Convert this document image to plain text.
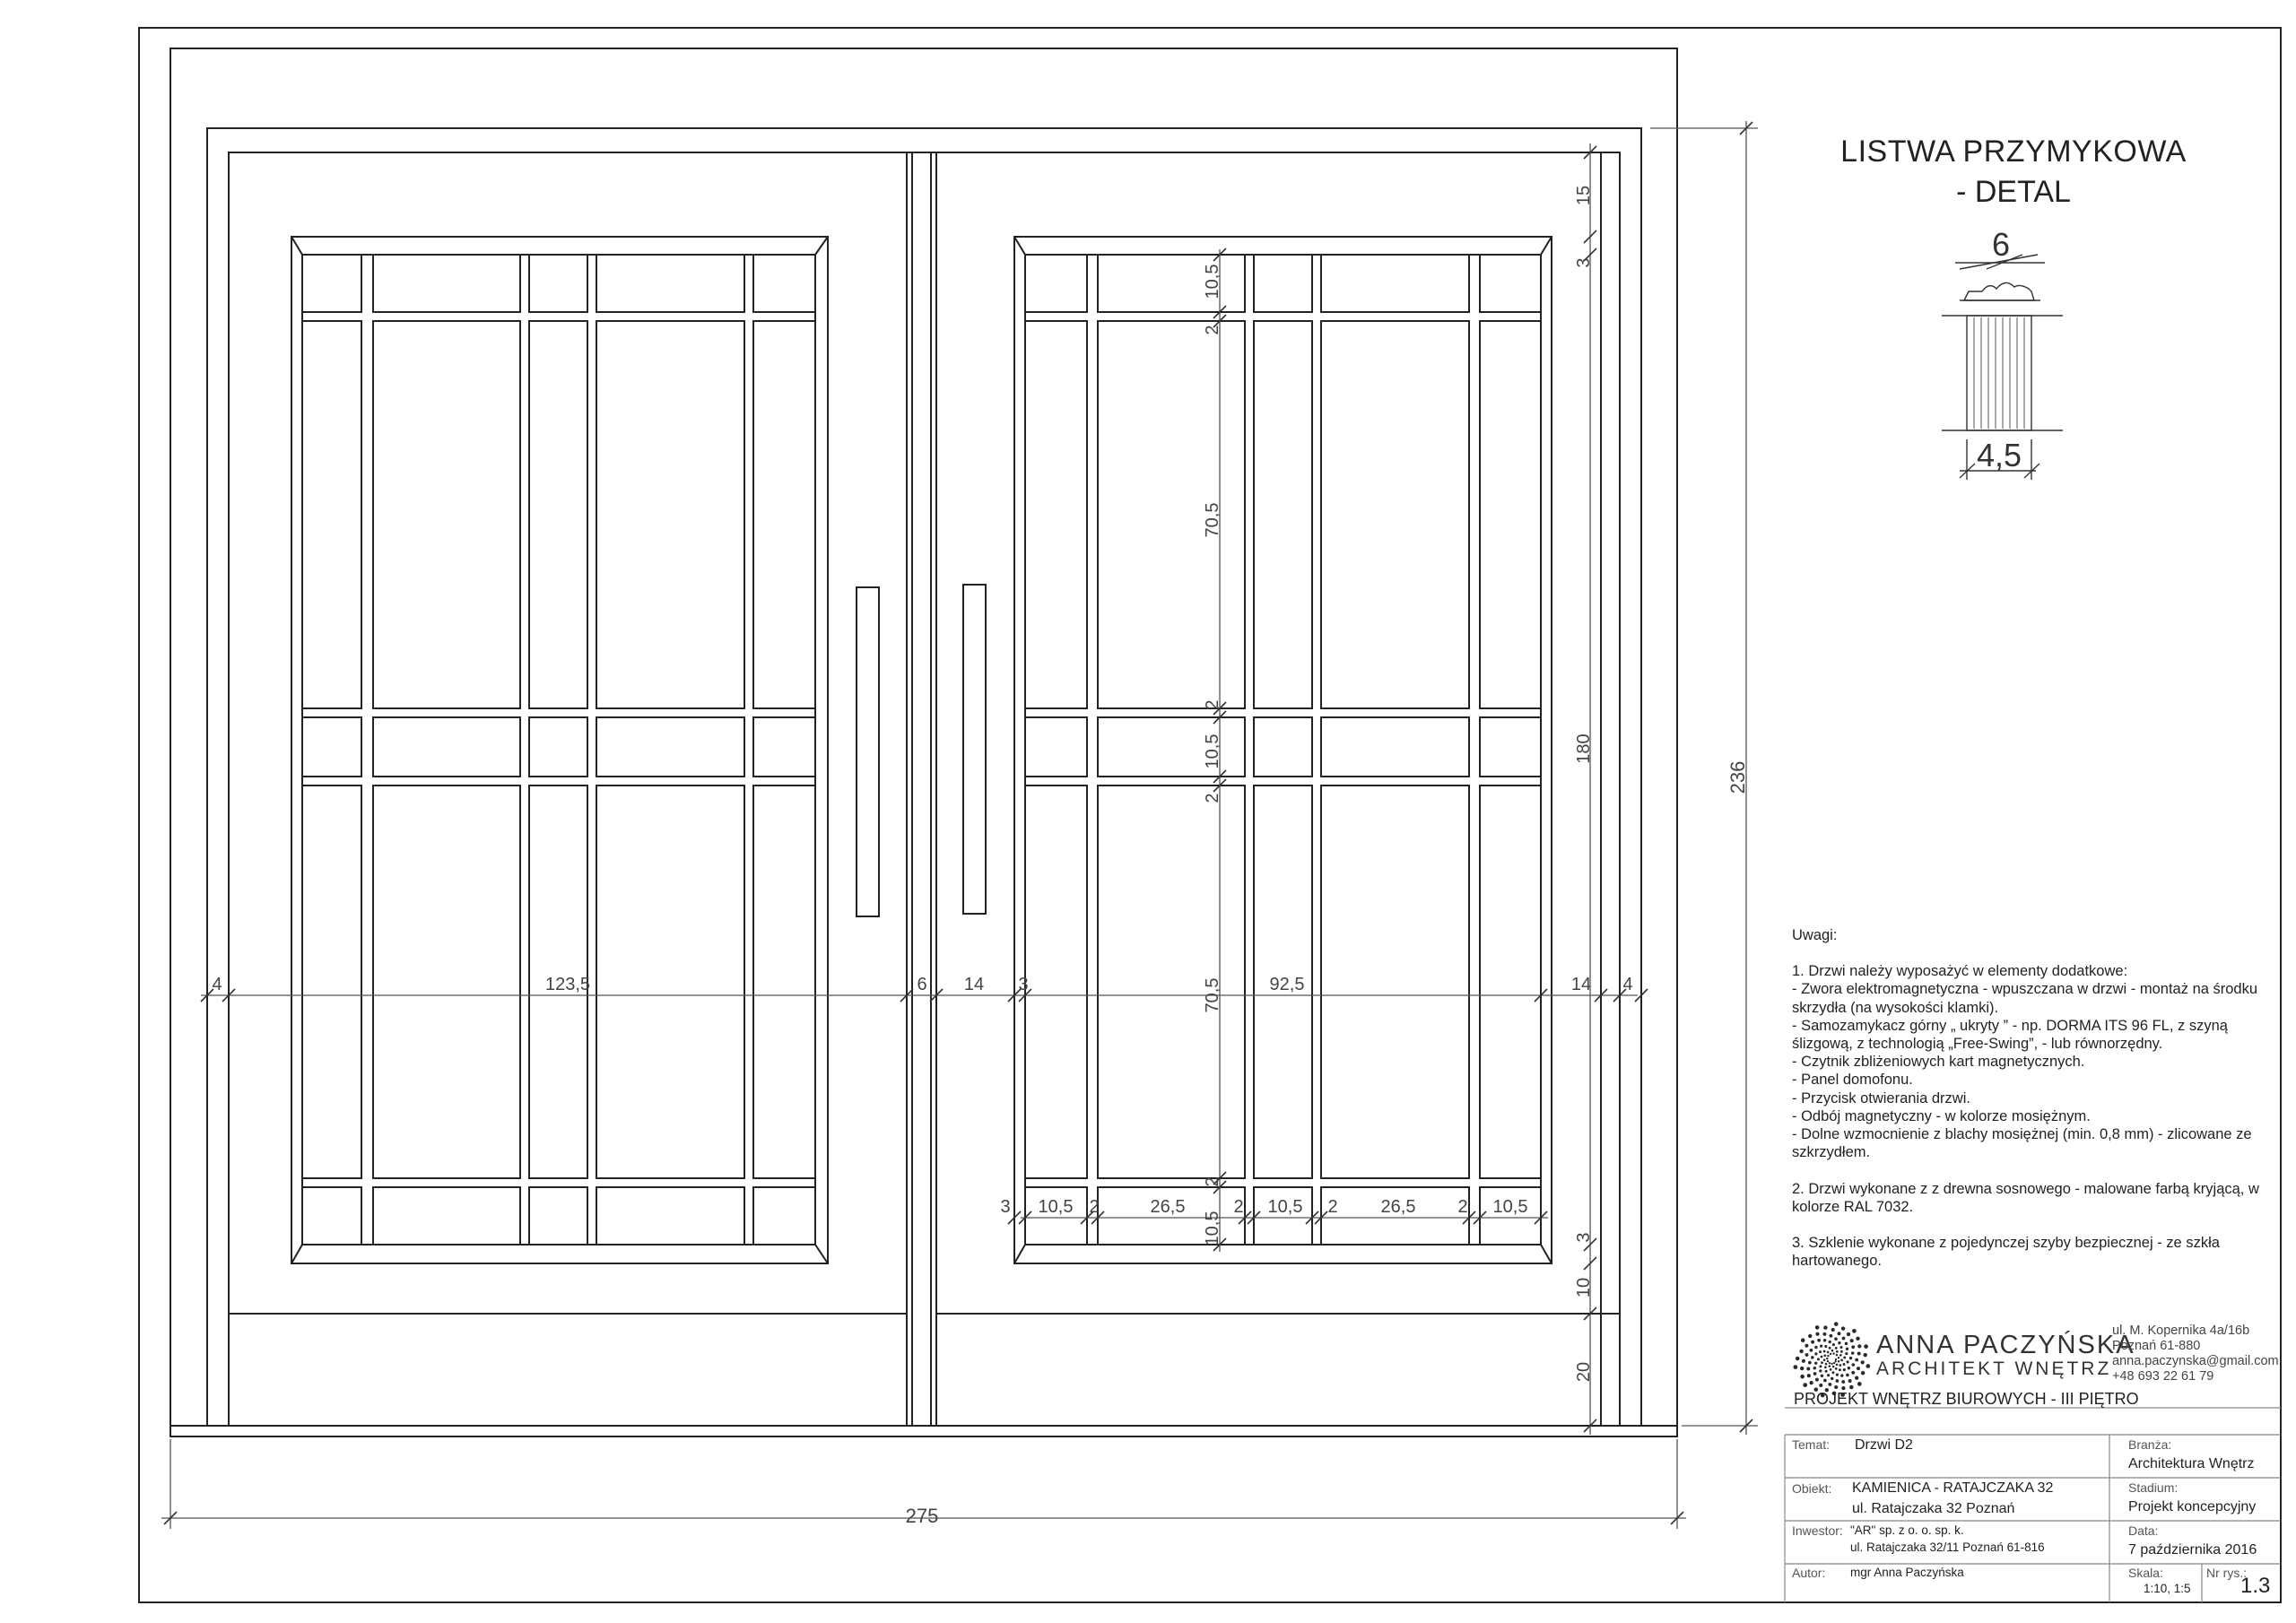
275
236
4	123,5	6 14 3	92,5	14 4
15
3
180
3
10
20
10,5
2
70,5
2
10,5
2
70,5
2
10,5
3 10,5 2	26,5	2 10,5 2 26,5 2 10,5
6
4,5
LISTWA PRZYMYKOWA
- DETAL
Uwagi:
1. Drzwi należy wyposażyć w elementy dodatkowe:
- Zwora elektromagnetyczna - wpuszczana w drzwi - montaż na środku
skrzydła (na wysokości klamki).
- Samozamykacz górny „ ukryty ” - np. DORMA ITS 96 FL, z szyną
ślizgową, z technologią „Free-Swing”, - lub równorzędny.
- Czytnik zbliżeniowych kart magnetycznych.
- Panel domofonu.
- Przycisk otwierania drzwi.
- Odbój magnetyczny - w kolorze mosiężnym.
- Dolne wzmocnienie z blachy mosiężnej (min. 0,8 mm) - zlicowane ze
szkrzydłem.

2. Drzwi wykonane z z drewna sosnowego - malowane farbą kryjącą, w
kolorze RAL 7032.

3. Szklenie wykonane z pojedynczej szyby bezpiecznej - ze szkła
hartowanego.
ANNA PACZYŃSKA
ARCHITEKT WNĘTRZ
ul. M. Kopernika 4a/16b
Poznań 61-880
anna.paczynska@gmail.com
+48 693 22 61 79
PROJEKT WNĘTRZ BIUROWYCH - III PIĘTRO
Temat: Drzwi D2
Obiekt: KAMIENICA - RATAJCZAKA 32
ul. Ratajczaka 32 Poznań
Inwestor: "AR" sp. z o. o. sp. k.
ul. Ratajczaka 32/11 Poznań 61-816
Autor: mgr Anna Paczyńska
Branża:
Architektura Wnętrz
Stadium:
Projekt koncepcyjny
Data:
7 października 2016
Skala:
1:10, 1:5
Nr rys.:
1.3
